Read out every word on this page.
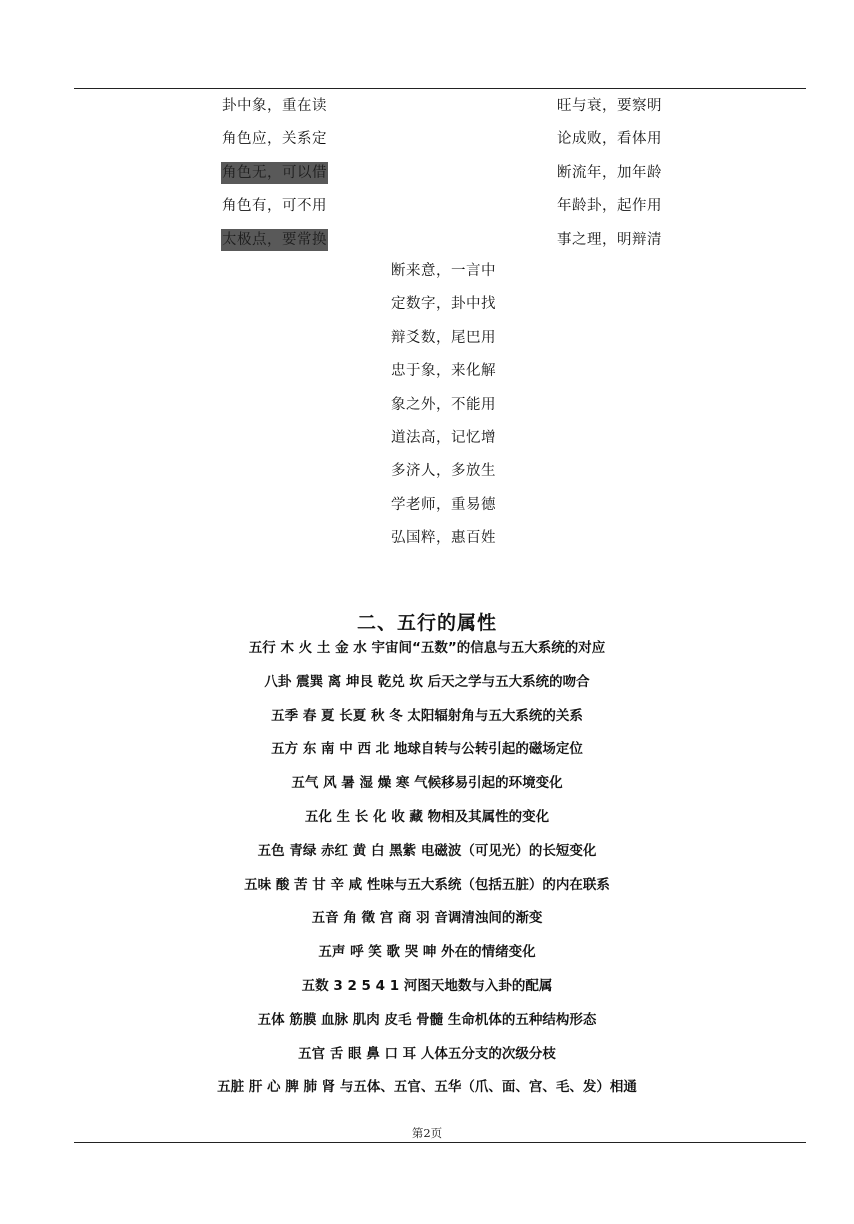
卦中象，重在读
角色应，关系定
角色无，可以借
角色有，可不用
太极点，要常换
旺与衰，要察明
论成败，看体用
断流年，加年龄
年龄卦，起作用
事之理，明辩清
断来意，一言中
定数字，卦中找
辩爻数，尾巴用
忠于象，来化解
象之外，不能用
道法高，记忆增
多济人，多放生
学老师，重易德
弘国粹，惠百姓
二、五行的属性
五行 木 火 土 金 水 宇宙间“五数”的信息与五大系统的对应
八卦 震巽 离 坤艮 乾兑 坎 后天之学与五大系统的吻合
五季 春 夏 长夏 秋 冬 太阳辐射角与五大系统的关系
五方 东 南 中 西 北 地球自转与公转引起的磁场定位
五气 风 暑 湿 燥 寒 气候移易引起的环境变化
五化 生 长 化 收 藏 物相及其属性的变化
五色 青绿 赤红 黄 白 黑紫 电磁波（可见光）的长短变化
五味 酸 苦 甘 辛 咸 性味与五大系统（包括五脏）的内在联系
五音 角 徵 宫 商 羽 音调清浊间的渐变
五声 呼 笑 歌 哭 呻 外在的情绪变化
五数 3 2 5 4 1 河图天地数与入卦的配属
五体 筋膜 血脉 肌肉 皮毛 骨髓 生命机体的五种结构形态
五官 舌 眼 鼻 口 耳 人体五分支的次级分枝
五脏 肝 心 脾 肺 肾 与五体、五官、五华（爪、面、宫、毛、发）相通
第2页
